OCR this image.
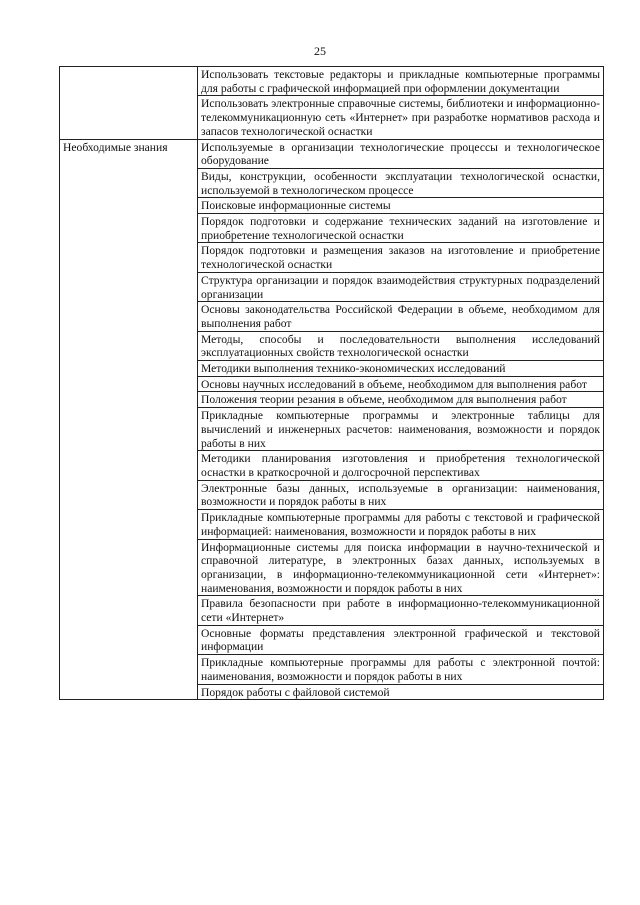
25
	Использовать текстовые редакторы и прикладные компьютерные программы для работы с графической информацией при оформлении документации
	Использовать электронные справочные системы, библиотеки и информационно-телекоммуникационную сеть «Интернет» при разработке нормативов расхода и запасов технологической оснастки
Необходимые знания	Используемые в организации технологические процессы и технологическое оборудование
	Виды, конструкции, особенности эксплуатации технологической оснастки, используемой в технологическом процессе
	Поисковые информационные системы
	Порядок подготовки и содержание технических заданий на изготовление и приобретение технологической оснастки
	Порядок подготовки и размещения заказов на изготовление и приобретение технологической оснастки
	Структура организации и порядок взаимодействия структурных подразделений организации
	Основы законодательства Российской Федерации в объеме, необходимом для выполнения работ
	Методы, способы и последовательности выполнения исследований эксплуатационных свойств технологической оснастки
	Методики выполнения технико-экономических исследований
	Основы научных исследований в объеме, необходимом для выполнения работ
	Положения теории резания в объеме, необходимом для выполнения работ
	Прикладные компьютерные программы и электронные таблицы для вычислений и инженерных расчетов: наименования, возможности и порядок работы в них
	Методики планирования изготовления и приобретения технологической оснастки в краткосрочной и долгосрочной перспективах
	Электронные базы данных, используемые в организации: наименования, возможности и порядок работы в них
	Прикладные компьютерные программы для работы с текстовой и графической информацией: наименования, возможности и порядок работы в них
	Информационные системы для поиска информации в научно-технической и справочной литературе, в электронных базах данных, используемых в организации, в информационно-телекоммуникационной сети «Интернет»: наименования, возможности и порядок работы в них
	Правила безопасности при работе в информационно-телекоммуникационной сети «Интернет»
	Основные форматы представления электронной графической и текстовой информации
	Прикладные компьютерные программы для работы с электронной почтой: наименования, возможности и порядок работы в них
	Порядок работы с файловой системой
